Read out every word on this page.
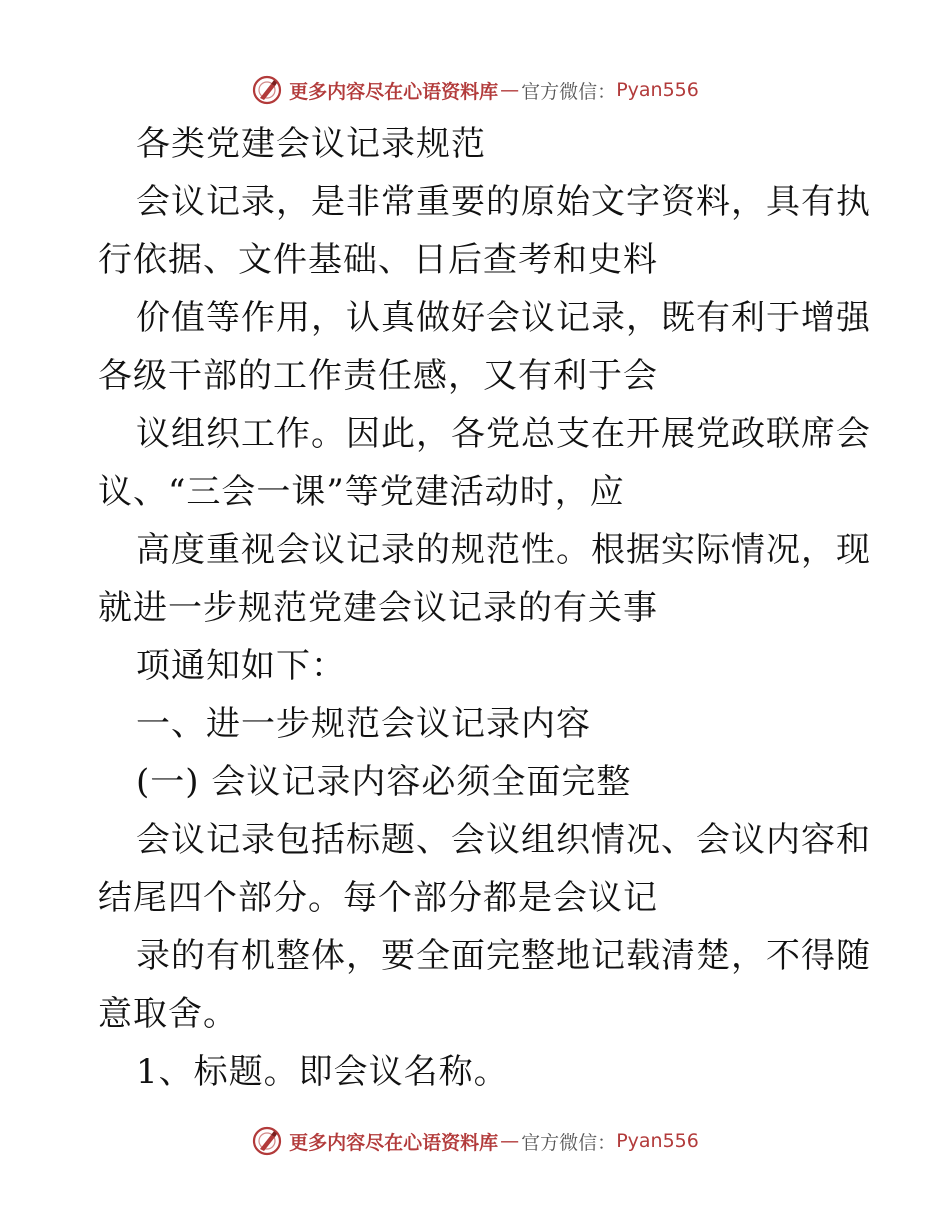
更多内容尽在心语资料库 — 官方微信： Pyan556
各类党建会议记录规范
会议记录，是非常重要的原始文字资料，具有执
行依据、文件基础、日后查考和史料
价值等作用，认真做好会议记录，既有利于增强
各级干部的工作责任感，又有利于会
议组织工作。因此，各党总支在开展党政联席会
议、“三会一课”等党建活动时，应
高度重视会议记录的规范性。根据实际情况，现
就进一步规范党建会议记录的有关事
项通知如下：
一、进一步规范会议记录内容
(一) 会议记录内容必须全面完整
会议记录包括标题、会议组织情况、会议内容和
结尾四个部分。每个部分都是会议记
录的有机整体，要全面完整地记载清楚，不得随
意取舍。
1、标题。即会议名称。
更多内容尽在心语资料库 — 官方微信： Pyan556
